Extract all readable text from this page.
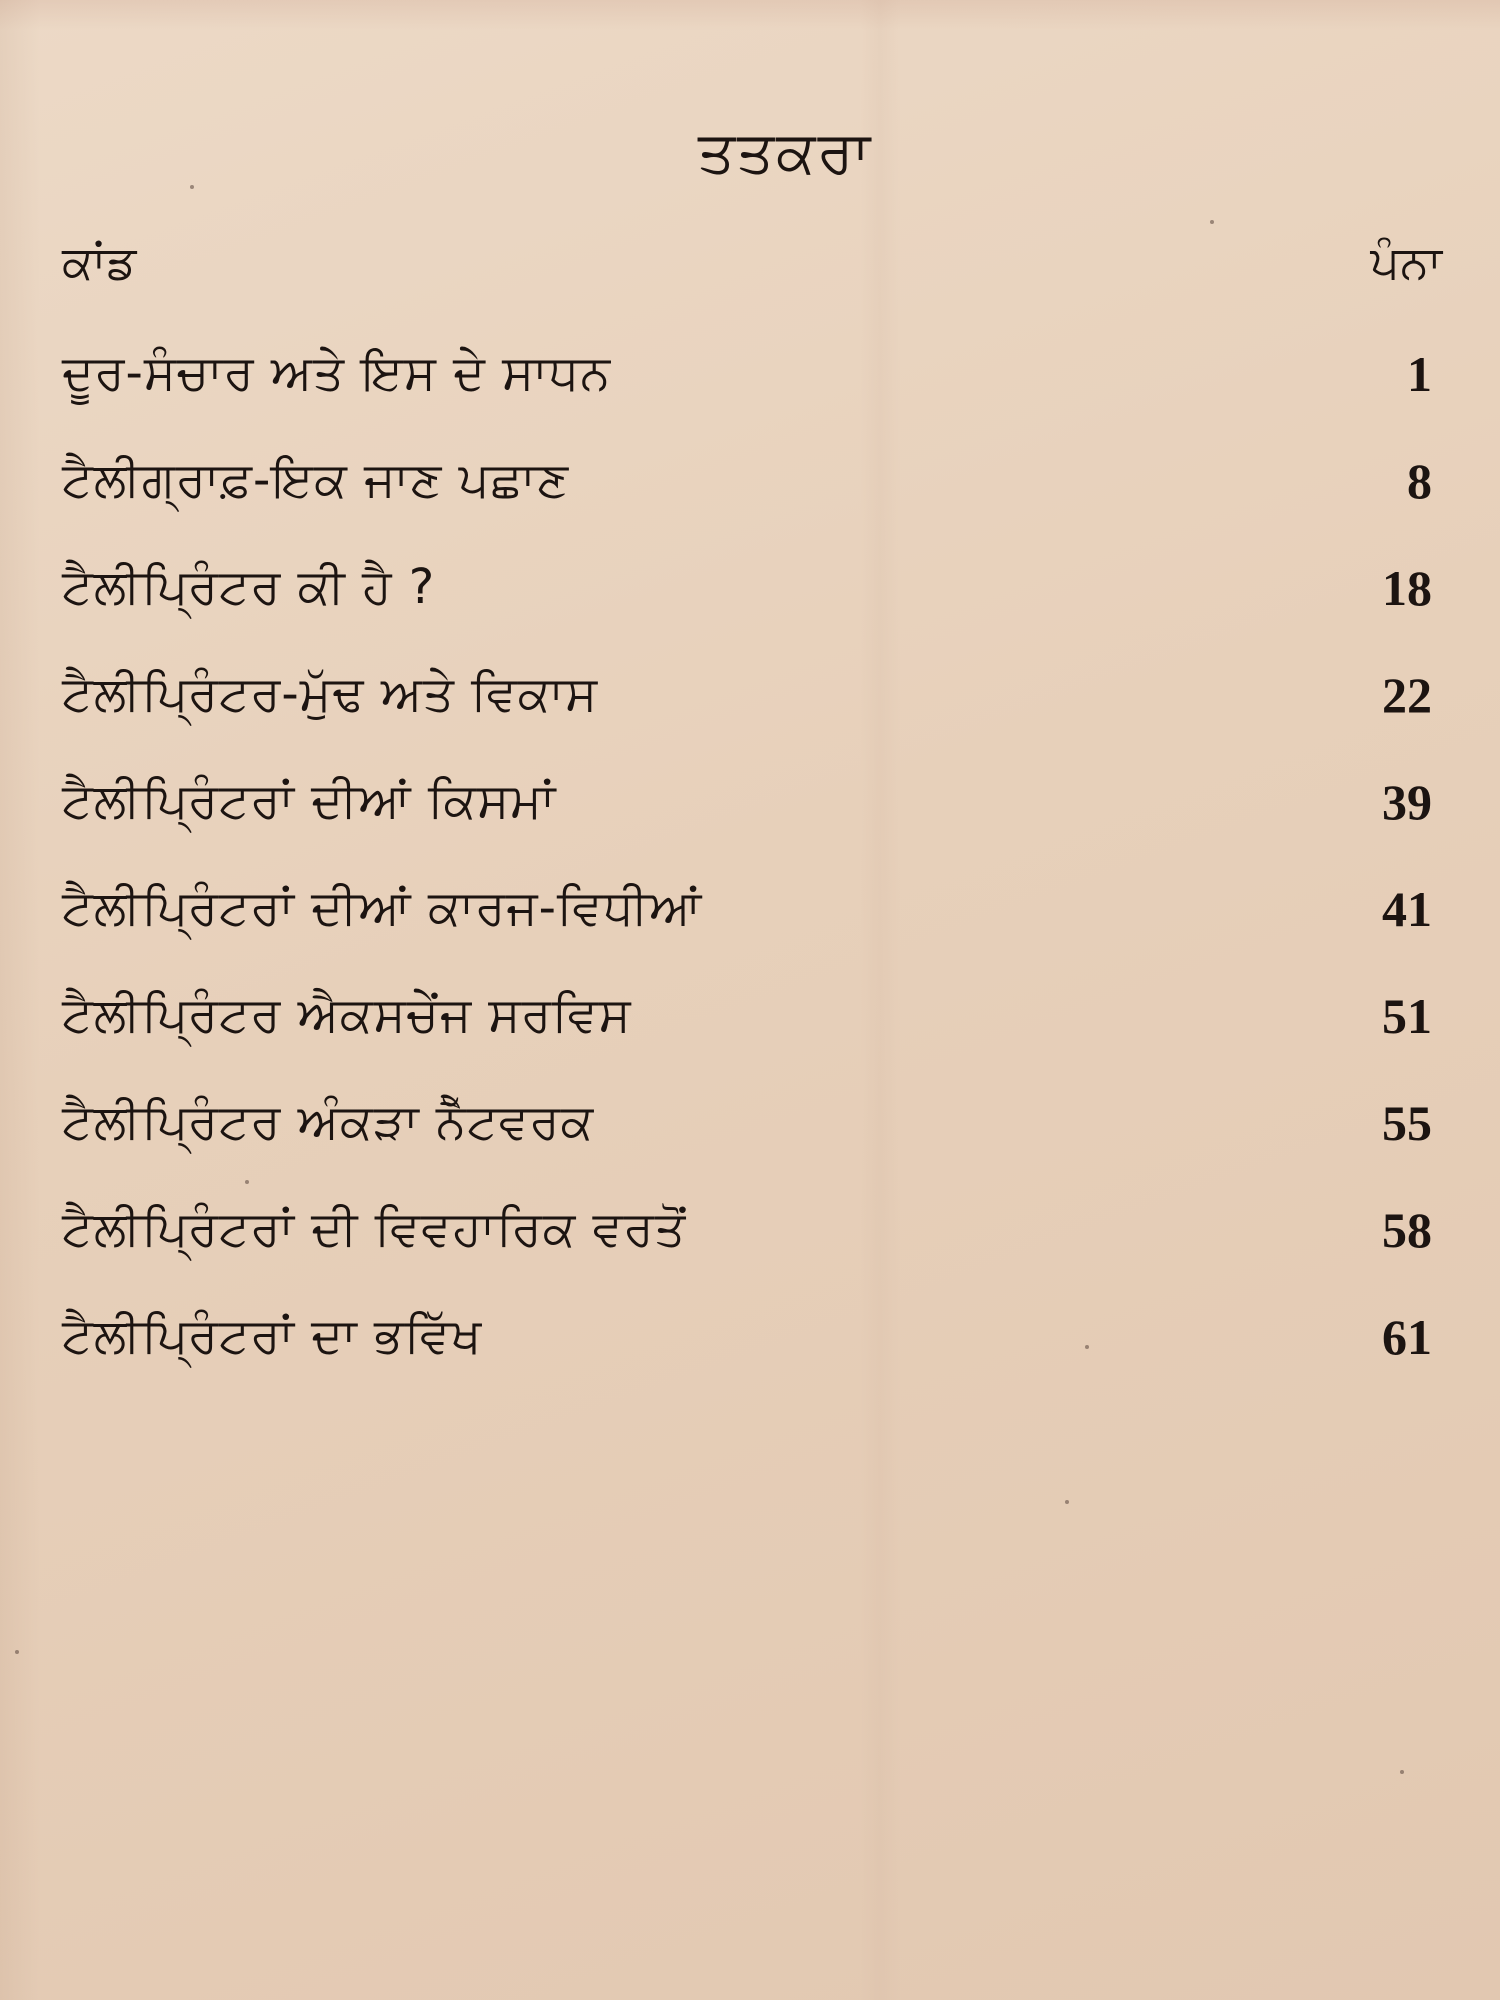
ਤਤਕਰਾ
ਕਾਂਡ	ਪੰਨਾ
ਦੂਰ-ਸੰਚਾਰ ਅਤੇ ਇਸ ਦੇ ਸਾਧਨ	1
ਟੈਲੀਗ੍ਰਾਫ਼-ਇਕ ਜਾਣ ਪਛਾਣ	8
ਟੈਲੀਪ੍ਰਿੰਟਰ ਕੀ ਹੈ ?	18
ਟੈਲੀਪ੍ਰਿੰਟਰ-ਮੁੱਢ ਅਤੇ ਵਿਕਾਸ	22
ਟੈਲੀਪ੍ਰਿੰਟਰਾਂ ਦੀਆਂ ਕਿਸਮਾਂ	39
ਟੈਲੀਪ੍ਰਿੰਟਰਾਂ ਦੀਆਂ ਕਾਰਜ-ਵਿਧੀਆਂ	41
ਟੈਲੀਪ੍ਰਿੰਟਰ ਐਕਸਚੇਂਜ ਸਰਵਿਸ	51
ਟੈਲੀਪ੍ਰਿੰਟਰ ਅੰਕੜਾ ਨੈੱਟਵਰਕ	55
ਟੈਲੀਪ੍ਰਿੰਟਰਾਂ ਦੀ ਵਿਵਹਾਰਿਕ ਵਰਤੋਂ	58
ਟੈਲੀਪ੍ਰਿੰਟਰਾਂ ਦਾ ਭਵਿੱਖ	61
